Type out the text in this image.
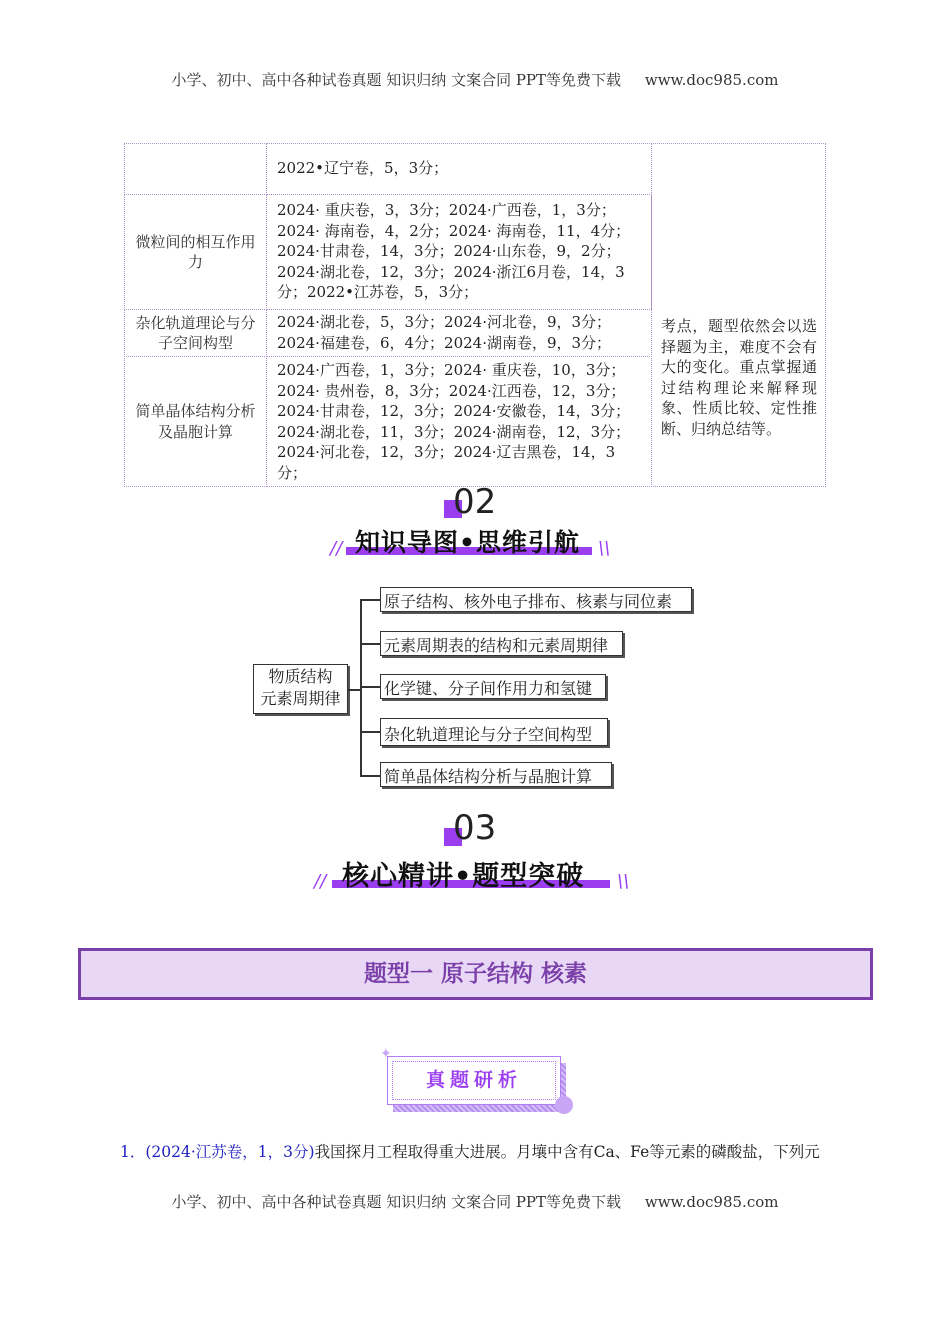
小学、初中、高中各种试卷真题 知识归纳 文案合同 PPT等免费下载 www.doc985.com
2022•辽宁卷，5，3分；
微粒间的相互作用力
2024· 重庆卷，3，3分；2024·广西卷，1，3分；2024· 海南卷，4，2分；2024· 海南卷，11，4分；2024·甘肃卷，14，3分；2024·山东卷，9，2分；2024·湖北卷，12，3分；2024·浙江6月卷，14，3分；2022•江苏卷，5，3分；
杂化轨道理论与分子空间构型
2024·湖北卷，5，3分；2024·河北卷，9，3分；2024·福建卷，6，4分；2024·湖南卷，9，3分；
简单晶体结构分析及晶胞计算
2024·广西卷，1，3分；2024· 重庆卷，10，3分；2024· 贵州卷，8，3分；2024·江西卷，12，3分；2024·甘肃卷，12，3分；2024·安徽卷，14，3分；2024·湖北卷，11，3分；2024·湖南卷，12，3分；2024·河北卷，12，3分；2024·辽吉黑卷，14，3分；
考点，题型依然会以选择题为主，难度不会有大的变化。重点掌握通过结构理论来解释现象、性质比较、定性推断、归纳总结等。
02
知识导图•思维引航
//	\\
物质结构
元素周期律
原子结构、核外电子排布、核素与同位素
元素周期表的结构和元素周期律
化学键、分子间作用力和氢键
杂化轨道理论与分子空间构型
简单晶体结构分析与晶胞计算
03
核心精讲•题型突破
//	\\
题型一 原子结构 核素
真题研析
✦
1．(2024·江苏卷，1，3分)我国探月工程取得重大进展。月壤中含有Ca、Fe等元素的磷酸盐，下列元
小学、初中、高中各种试卷真题 知识归纳 文案合同 PPT等免费下载 www.doc985.com
